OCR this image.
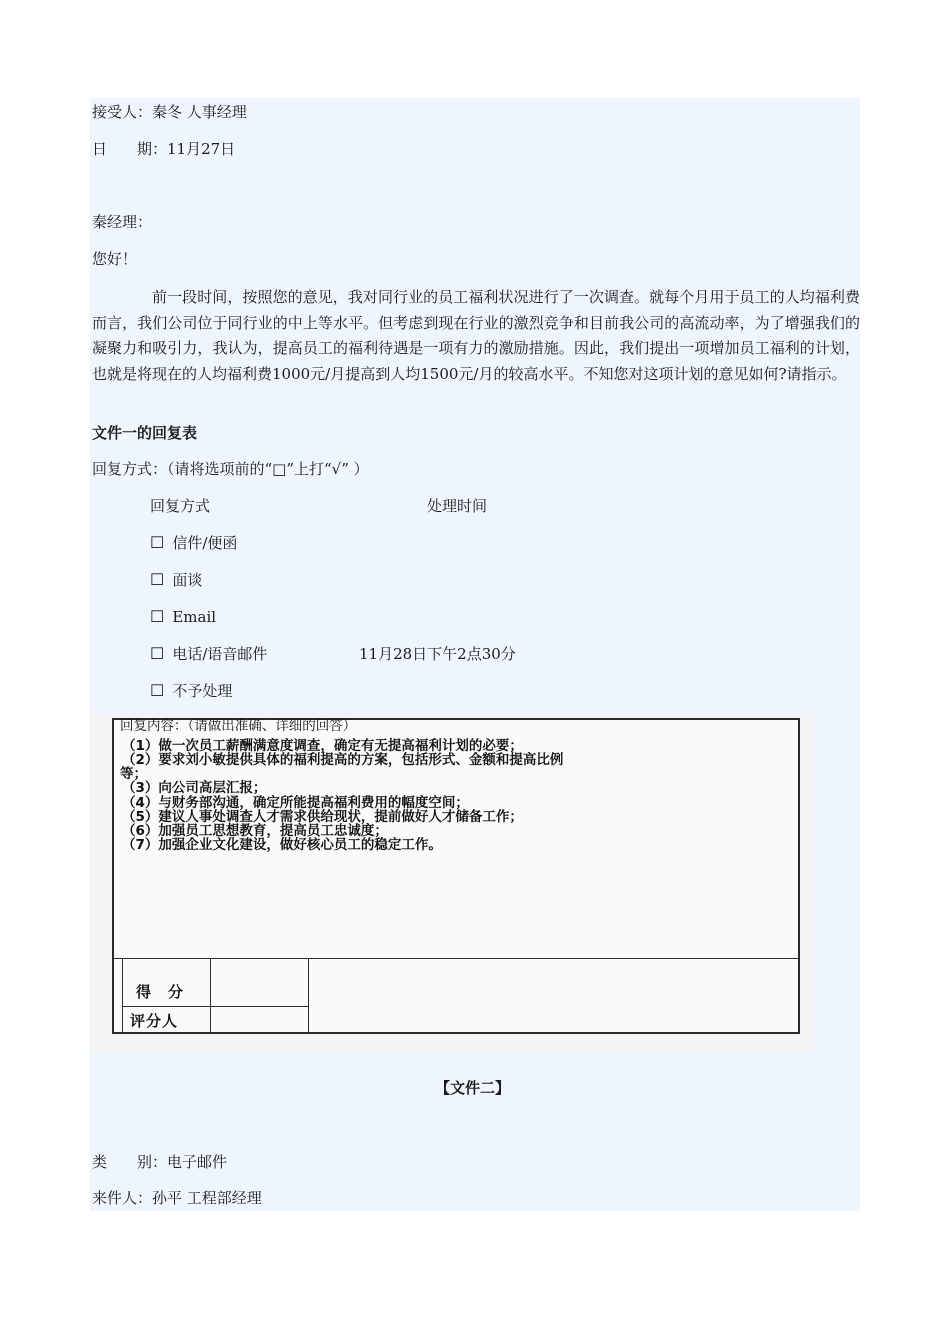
接受人：秦冬 人事经理
日　　期：11月27日
秦经理：
您好！
前一段时间，按照您的意见，我对同行业的员工福利状况进行了一次调查。就每个月用于员工的人均福利费而言，我们公司位于同行业的中上等水平。但考虑到现在行业的激烈竞争和目前我公司的高流动率，为了增强我们的凝聚力和吸引力，我认为，提高员工的福利待遇是一项有力的激励措施。因此，我们提出一项增加员工福利的计划，也就是将现在的人均福利费1000元/月提高到人均1500元/月的较高水平。不知您对这项计划的意见如何?请指示。
文件一的回复表
回复方式：（请将选项前的“□”上打“√” ）
回复方式	处理时间
☐ 信件/便函
☐ 面谈
☐ Email
☐ 电话/语音邮件	11月28日下午2点30分
☐ 不予处理
回复内容：（请做出准确、详细的回答）
（1）做一次员工薪酬满意度调查，确定有无提高福利计划的必要；
（2）要求刘小敏提供具体的福利提高的方案，包括形式、金额和提高比例
等；
（3）向公司高层汇报；
（4）与财务部沟通，确定所能提高福利费用的幅度空间；
（5）建议人事处调查人才需求供给现状，提前做好人才储备工作；
（6）加强员工思想教育，提高员工忠诚度；
（7）加强企业文化建设，做好核心员工的稳定工作。
得　分
评分人
【文件二】
类　　别：电子邮件
来件人：孙平 工程部经理
